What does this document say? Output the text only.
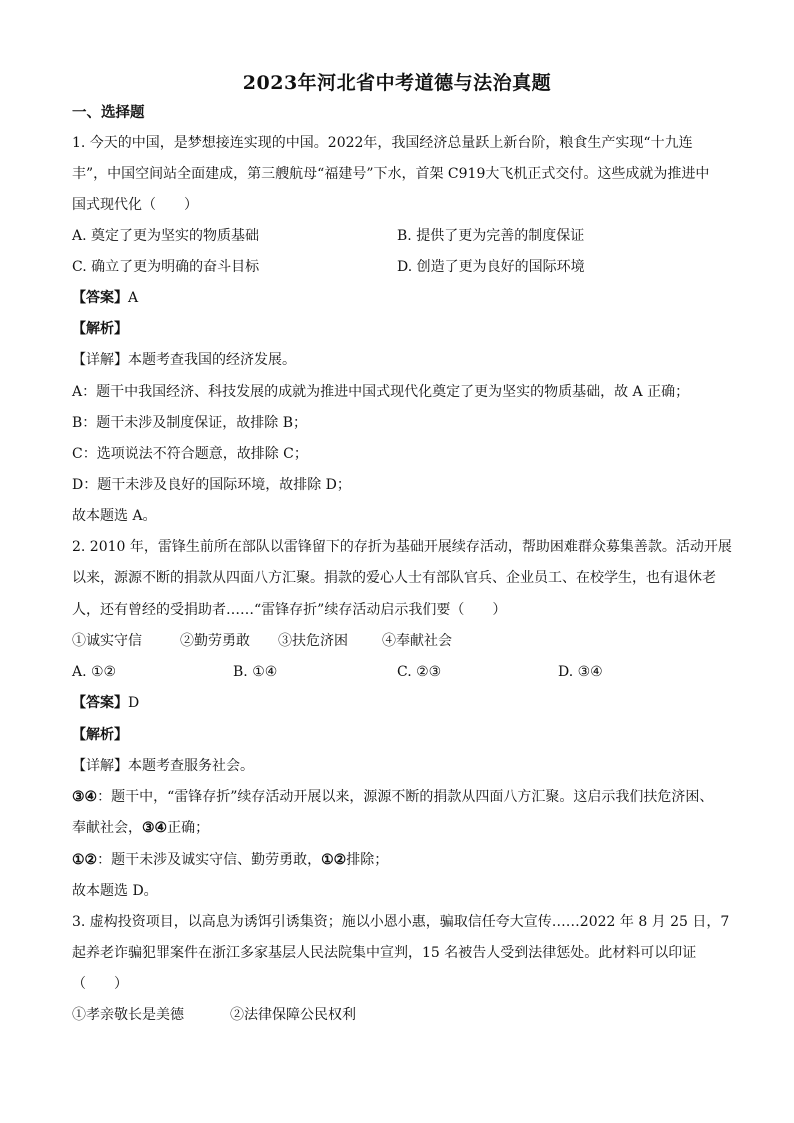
2023年河北省中考道德与法治真题
一、选择题
1. 今天的中国，是梦想接连实现的中国。2022年，我国经济总量跃上新台阶，粮食生产实现“十九连
丰”，中国空间站全面建成，第三艘航母“福建号”下水，首架 C919大飞机正式交付。这些成就为推进中
国式现代化（　　）
A. 奠定了更为坚实的物质基础	B. 提供了更为完善的制度保证
C. 确立了更为明确的奋斗目标	D. 创造了更为良好的国际环境
【答案】A
【解析】
【详解】本题考查我国的经济发展。
A：题干中我国经济、科技发展的成就为推进中国式现代化奠定了更为坚实的物质基础，故 A 正确；
B：题干未涉及制度保证，故排除 B；
C：选项说法不符合题意，故排除 C；
D：题干未涉及良好的国际环境，故排除 D；
故本题选 A。
2. 2010 年，雷锋生前所在部队以雷锋留下的存折为基础开展续存活动，帮助困难群众募集善款。活动开展
以来，源源不断的捐款从四面八方汇聚。捐款的爱心人士有部队官兵、企业员工、在校学生，也有退休老
人，还有曾经的受捐助者……“雷锋存折”续存活动启示我们要（　　）
①诚实守信	②勤劳勇敢 ③扶危济困 ④奉献社会
A. ①②	B. ①④	C. ②③	D. ③④
【答案】D
【解析】
【详解】本题考查服务社会。
③④：题干中，“雷锋存折”续存活动开展以来，源源不断的捐款从四面八方汇聚。这启示我们扶危济困、
奉献社会，③④正确；
①②：题干未涉及诚实守信、勤劳勇敢，①②排除；
故本题选 D。
3. 虚构投资项目，以高息为诱饵引诱集资；施以小恩小惠，骗取信任夸大宣传……2022 年 8 月 25 日，7
起养老诈骗犯罪案件在浙江多家基层人民法院集中宣判，15 名被告人受到法律惩处。此材料可以印证
（　　）
①孝亲敬长是美德	②法律保障公民权利
